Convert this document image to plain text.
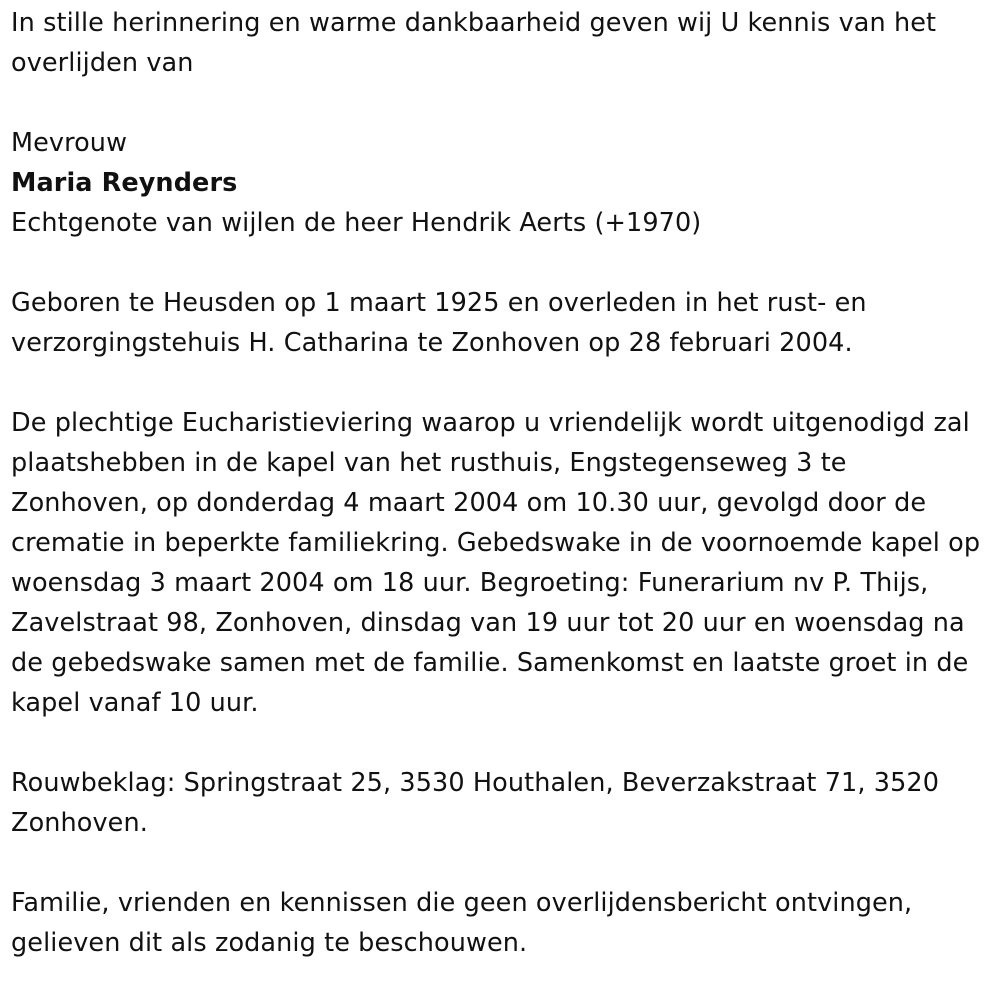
In stille herinnering en warme dankbaarheid geven wij U kennis van het overlijden van

Mevrouw

Maria Reynders

Echtgenote van wijlen de heer Hendrik Aerts (+1970)

Geboren te Heusden op 1 maart 1925 en overleden in het rust- en verzorgingstehuis H. Catharina te Zonhoven op 28 februari 2004.

De plechtige Eucharistieviering waarop u vriendelijk wordt uitgenodigd zal plaatshebben in de kapel van het rusthuis, Engstegenseweg 3 te Zonhoven, op donderdag 4 maart 2004 om 10.30 uur, gevolgd door de crematie in beperkte familiekring. Gebedswake in de voornoemde kapel op woensdag 3 maart 2004 om 18 uur. Begroeting: Funerarium nv P. Thijs, Zavelstraat 98, Zonhoven, dinsdag van 19 uur tot 20 uur en woensdag na de gebedswake samen met de familie. Samenkomst en laatste groet in de kapel vanaf 10 uur.

Rouwbeklag: Springstraat 25, 3530 Houthalen, Beverzakstraat 71, 3520 Zonhoven.

Familie, vrienden en kennissen die geen overlijdensbericht ontvingen, gelieven dit als zodanig te beschouwen.
